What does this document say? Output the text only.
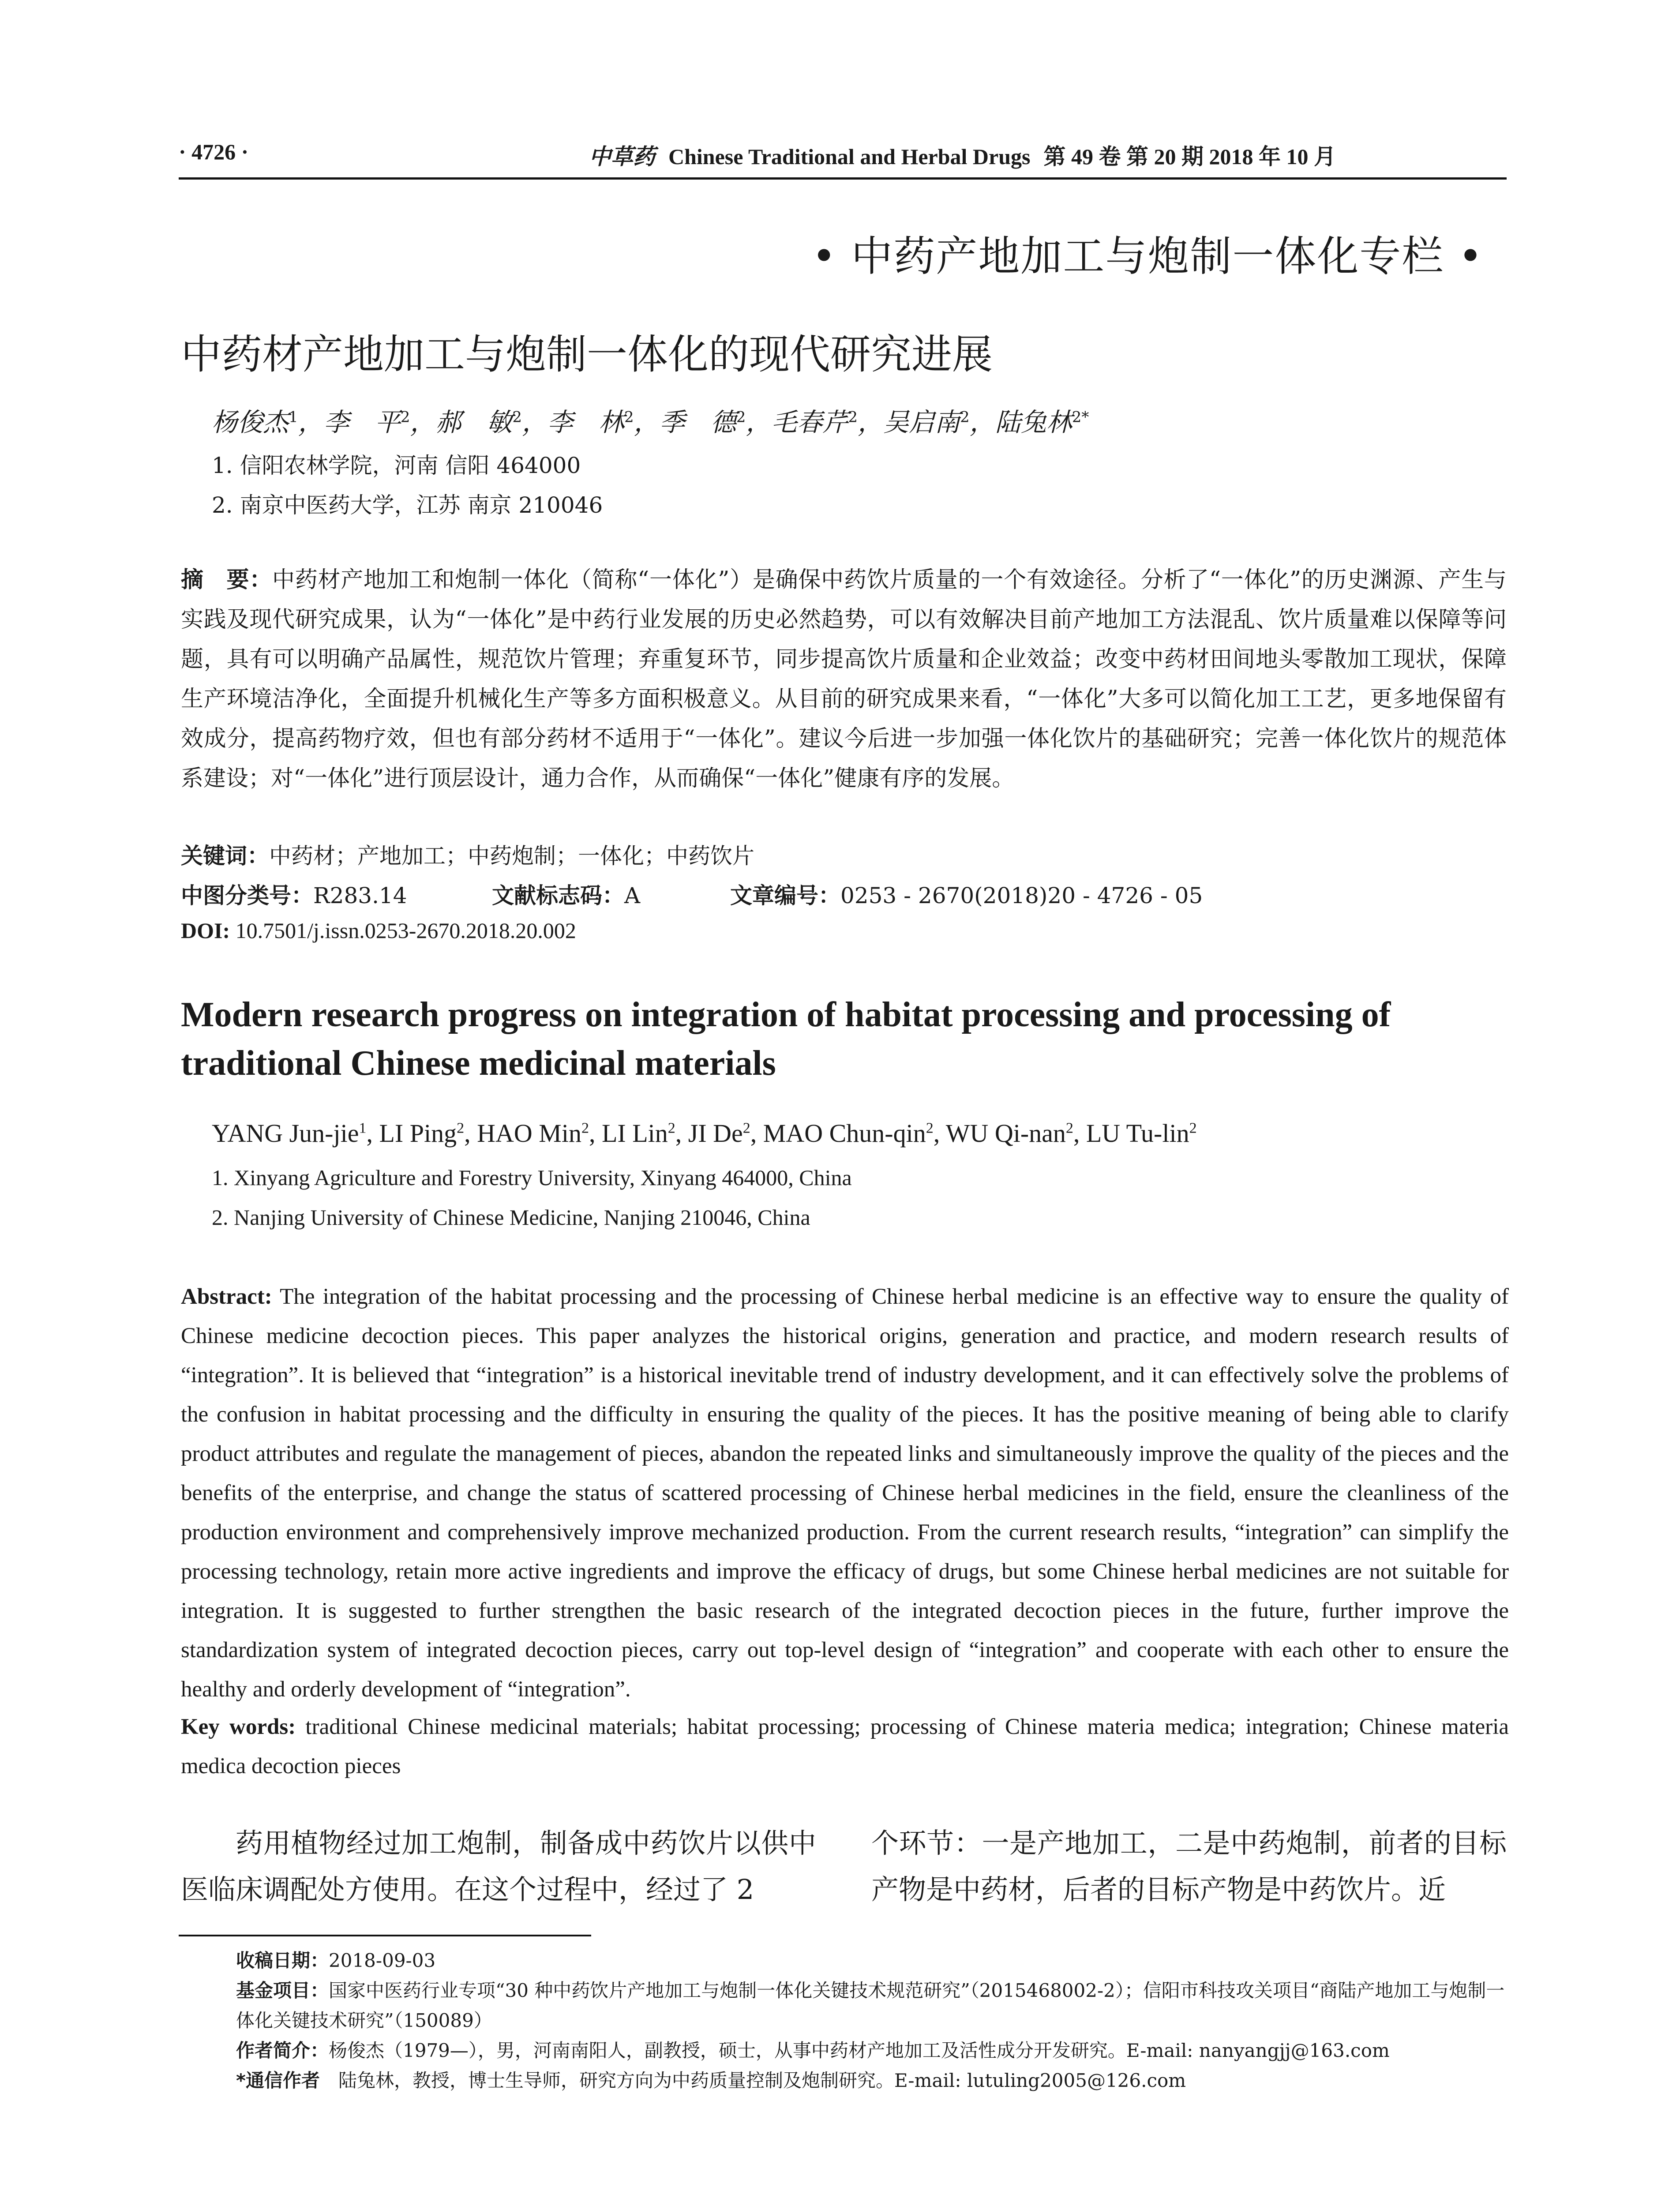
· 4726 ·	中草药 Chinese Traditional and Herbal Drugs 第 49 卷 第 20 期 2018 年 10 月
• 中药产地加工与炮制一体化专栏 •
中药材产地加工与炮制一体化的现代研究进展
杨俊杰$^1$，李　平$^2$，郝　敏$^2$，李　林$^2$，季　德$^2$，毛春芹$^2$，吴启南$^2$，陆兔林$^{2*}$
1. 信阳农林学院，河南 信阳 464000
2. 南京中医药大学，江苏 南京 210046
摘　要：中药材产地加工和炮制一体化（简称“一体化”）是确保中药饮片质量的一个有效途径。分析了“一体化”的历史渊源、产生与实践及现代研究成果，认为“一体化”是中药行业发展的历史必然趋势，可以有效解决目前产地加工方法混乱、饮片质量难以保障等问题，具有可以明确产品属性，规范饮片管理；弃重复环节，同步提高饮片质量和企业效益；改变中药材田间地头零散加工现状，保障生产环境洁净化，全面提升机械化生产等多方面积极意义。从目前的研究成果来看，“一体化”大多可以简化加工工艺，更多地保留有效成分，提高药物疗效，但也有部分药材不适用于“一体化”。建议今后进一步加强一体化饮片的基础研究；完善一体化饮片的规范体系建设；对“一体化”进行顶层设计，通力合作，从而确保“一体化”健康有序的发展。
关键词：中药材；产地加工；中药炮制；一体化；中药饮片
中图分类号：R283.14	文献标志码：A	文章编号：0253 - 2670(2018)20 - 4726 - 05
DOI: 10.7501/j.issn.0253-2670.2018.20.002
Modern research progress on integration of habitat processing and processing of traditional Chinese medicinal materials
YANG Jun-jie$^1$, LI Ping$^2$, HAO Min$^2$, LI Lin$^2$, JI De$^2$, MAO Chun-qin$^2$, WU Qi-nan$^2$, LU Tu-lin$^2$
1. Xinyang Agriculture and Forestry University, Xinyang 464000, China
2. Nanjing University of Chinese Medicine, Nanjing 210046, China
Abstract: The integration of the habitat processing and the processing of Chinese herbal medicine is an effective way to ensure the quality of Chinese medicine decoction pieces. This paper analyzes the historical origins, generation and practice, and modern research results of “integration”. It is believed that “integration” is a historical inevitable trend of industry development, and it can effectively solve the problems of the confusion in habitat processing and the difficulty in ensuring the quality of the pieces. It has the positive meaning of being able to clarify product attributes and regulate the management of pieces, abandon the repeated links and simultaneously improve the quality of the pieces and the benefits of the enterprise, and change the status of scattered processing of Chinese herbal medicines in the field, ensure the cleanliness of the production environment and comprehensively improve mechanized production. From the current research results, “integration” can simplify the processing technology, retain more active ingredients and improve the efficacy of drugs, but some Chinese herbal medicines are not suitable for integration. It is suggested to further strengthen the basic research of the integrated decoction pieces in the future, further improve the standardization system of integrated decoction pieces, carry out top-level design of “integration” and cooperate with each other to ensure the healthy and orderly development of “integration”.
Key words: traditional Chinese medicinal materials; habitat processing; processing of Chinese materia medica; integration; Chinese materia medica decoction pieces
药用植物经过加工炮制，制备成中药饮片以供中医临床调配处方使用。在这个过程中，经过了 2
个环节：一是产地加工，二是中药炮制，前者的目标产物是中药材，后者的目标产物是中药饮片。近
收稿日期：2018-09-03
基金项目：国家中医药行业专项“30 种中药饮片产地加工与炮制一体化关键技术规范研究”（2015468002-2）；信阳市科技攻关项目“商陆产地加工与炮制一体化关键技术研究”（150089）
作者简介：杨俊杰（1979—），男，河南南阳人，副教授，硕士，从事中药材产地加工及活性成分开发研究。E-mail: nanyangjj@163.com
*通信作者　 陆兔林，教授，博士生导师，研究方向为中药质量控制及炮制研究。E-mail: lutuling2005@126.com
